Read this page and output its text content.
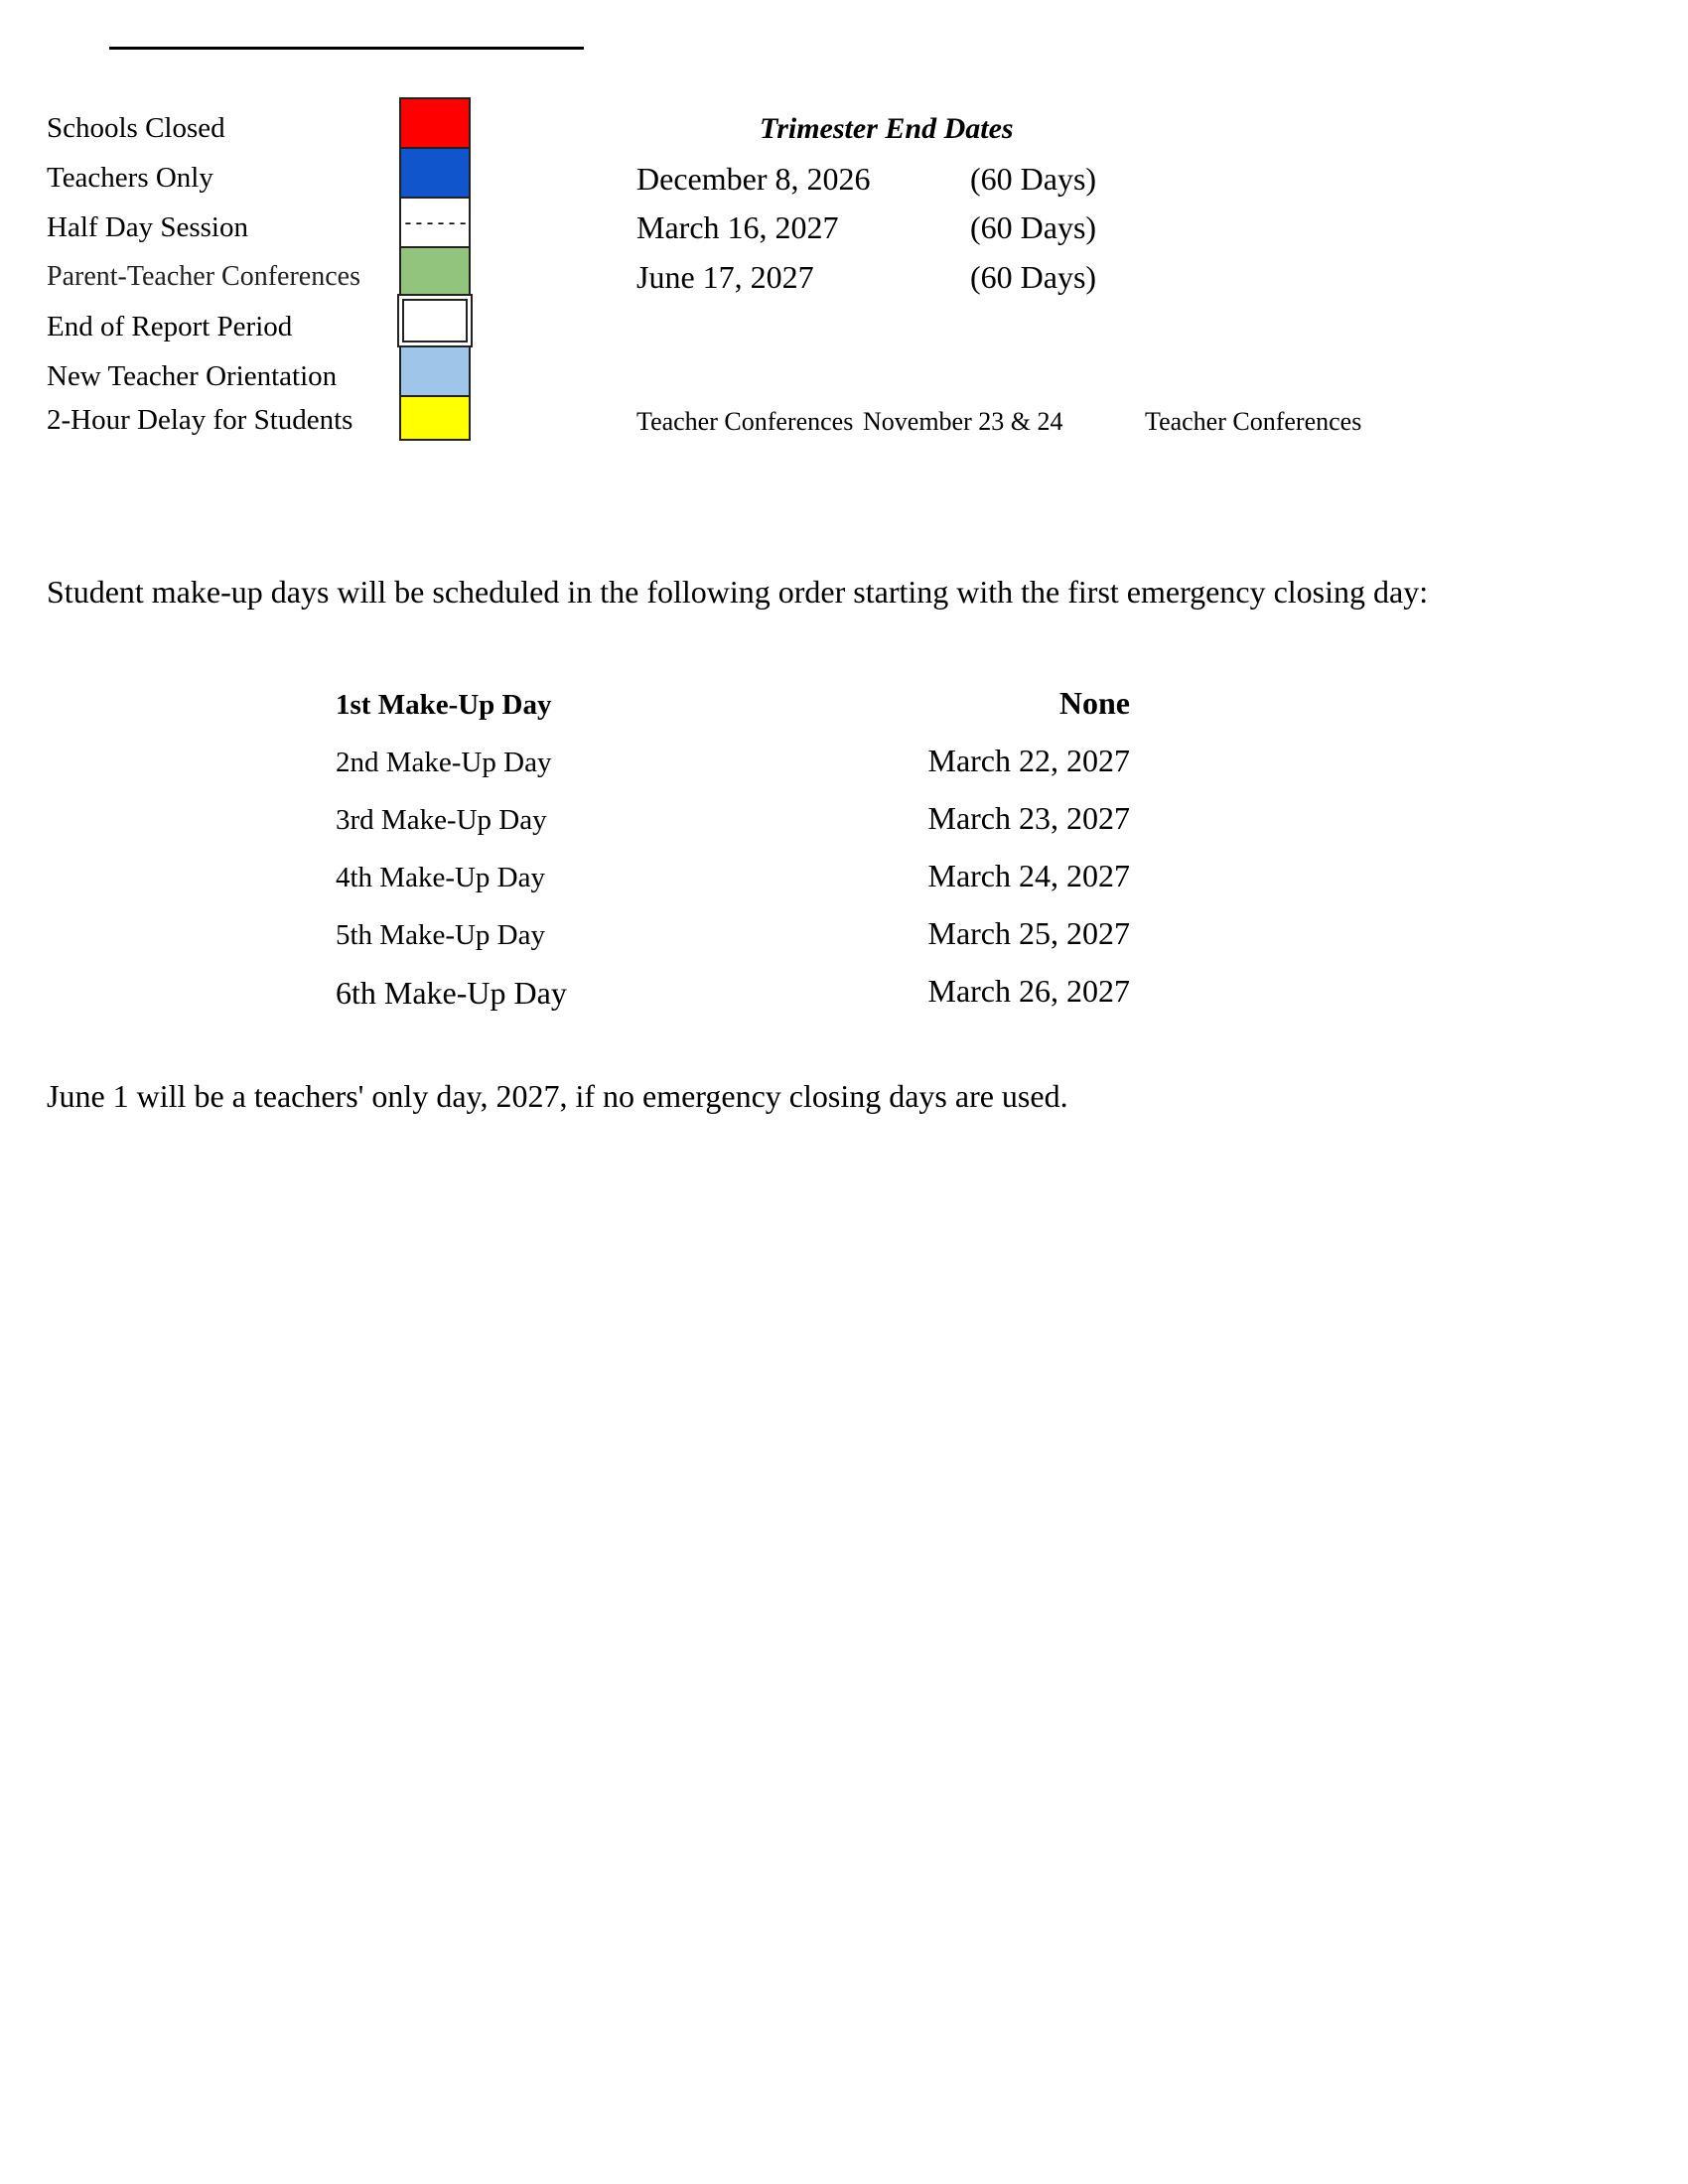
Schools Closed
Teachers Only
Half Day Session
Parent-Teacher Conferences
End of Report Period
New Teacher Orientation
2-Hour Delay for Students
------
Trimester End Dates
December 8, 2026	(60 Days)
March 16, 2027	(60 Days)
June 17, 2027	(60 Days)
Teacher Conferences November 23 & 24	Teacher Conferences

Student make-up days will be scheduled in the following order starting with the first emergency closing day:

1st Make-Up Day	None
2nd Make-Up Day	March 22, 2027
3rd Make-Up Day	March 23, 2027
4th Make-Up Day	March 24, 2027
5th Make-Up Day	March 25, 2027
6th Make-Up Day	March 26, 2027

June 1 will be a teachers' only day, 2027, if no emergency closing days are used.
